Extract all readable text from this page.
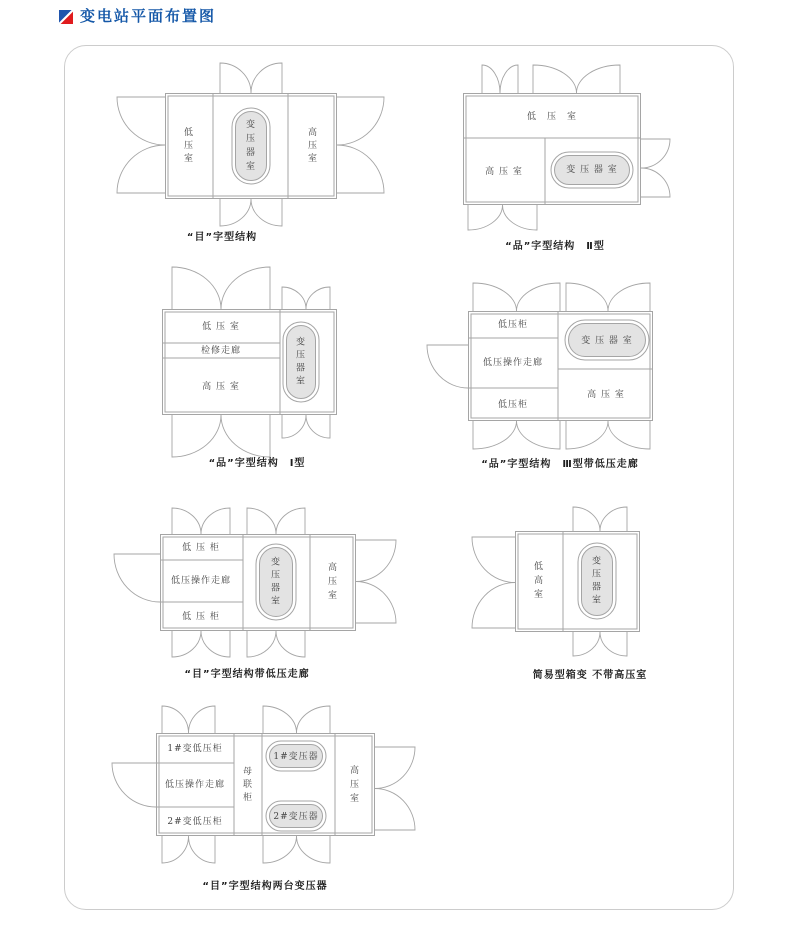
变电站平面布置图
低压室
变压器室
高压室
低　压　室
高 压 室	变 压 器 室
低 压 室
检修走廊
高 压 室
变压器室
低压柜
低压操作走廊
低压柜
变 压 器 室
高 压 室
低 压 柜
低压操作走廊
低 压 柜
变压器室
高压室
低高室
变压器室
1#变低压柜
低压操作走廊
2#变低压柜
母联柜
1#变压器
2#变压器
高压室
“目”字型结构
“品”字型结构　Ⅱ型
“品”字型结构　Ⅰ型	“品”字型结构　Ⅲ型带低压走廊
“目”字型结构带低压走廊	简易型箱变 不带高压室
“目”字型结构两台变压器
